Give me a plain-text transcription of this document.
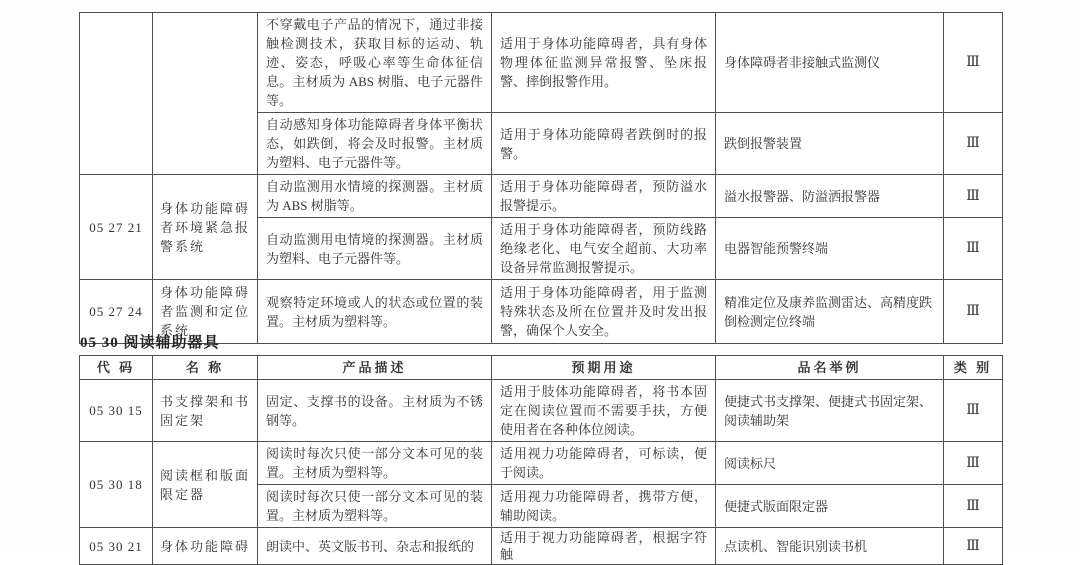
		不穿戴电子产品的情况下，通过非接触检测技术，获取目标的运动、轨迹、姿态，呼吸心率等生命体征信息。主材质为 ABS 树脂、电子元器件等。	适用于身体功能障碍者，具有身体物理体征监测异常报警、坠床报警、摔倒报警作用。	身体障碍者非接触式监测仪	Ⅲ
		自动感知身体功能障碍者身体平衡状态，如跌倒，将会及时报警。主材质为塑料、电子元器件等。	适用于身体功能障碍者跌倒时的报警。	跌倒报警装置	Ⅲ
05 27 21	身体功能障碍者环境紧急报警系统	自动监测用水情境的探测器。主材质为 ABS 树脂等。	适用于身体功能障碍者，预防溢水报警提示。	溢水报警器、防溢洒报警器	Ⅲ
		自动监测用电情境的探测器。主材质为塑料、电子元器件等。	适用于身体功能障碍者，预防线路绝缘老化、电气安全超前、大功率设备异常监测报警提示。	电器智能预警终端	Ⅲ
05 27 24	身体功能障碍者监测和定位系统	观察特定环境或人的状态或位置的装置。主材质为塑料等。	适用于身体功能障碍者，用于监测特殊状态及所在位置并及时发出报警，确保个人安全。	精准定位及康养监测雷达、高精度跌倒检测定位终端	Ⅲ
05 30 阅读辅助器具
代 码	名 称	产品描述	预期用途	品名举例	类 别
05 30 15	书支撑架和书固定架	固定、支撑书的设备。主材质为不锈钢等。	适用于肢体功能障碍者，将书本固定在阅读位置而不需要手扶，方便使用者在各种体位阅读。	便捷式书支撑架、便捷式书固定架、阅读辅助架	Ⅲ
05 30 18	阅读框和版面限定器	阅读时每次只使一部分文本可见的装置。主材质为塑料等。	适用视力功能障碍者，可标读，便于阅读。	阅读标尺	Ⅲ
		阅读时每次只使一部分文本可见的装置。主材质为塑料等。	适用视力功能障碍者，携带方便，辅助阅读。	便捷式版面限定器	Ⅲ
05 30 21	身体功能障碍	朗读中、英文版书刊、杂志和报纸的	适用于视力功能障碍者，根据字符触	点读机、智能识别读书机	Ⅲ
